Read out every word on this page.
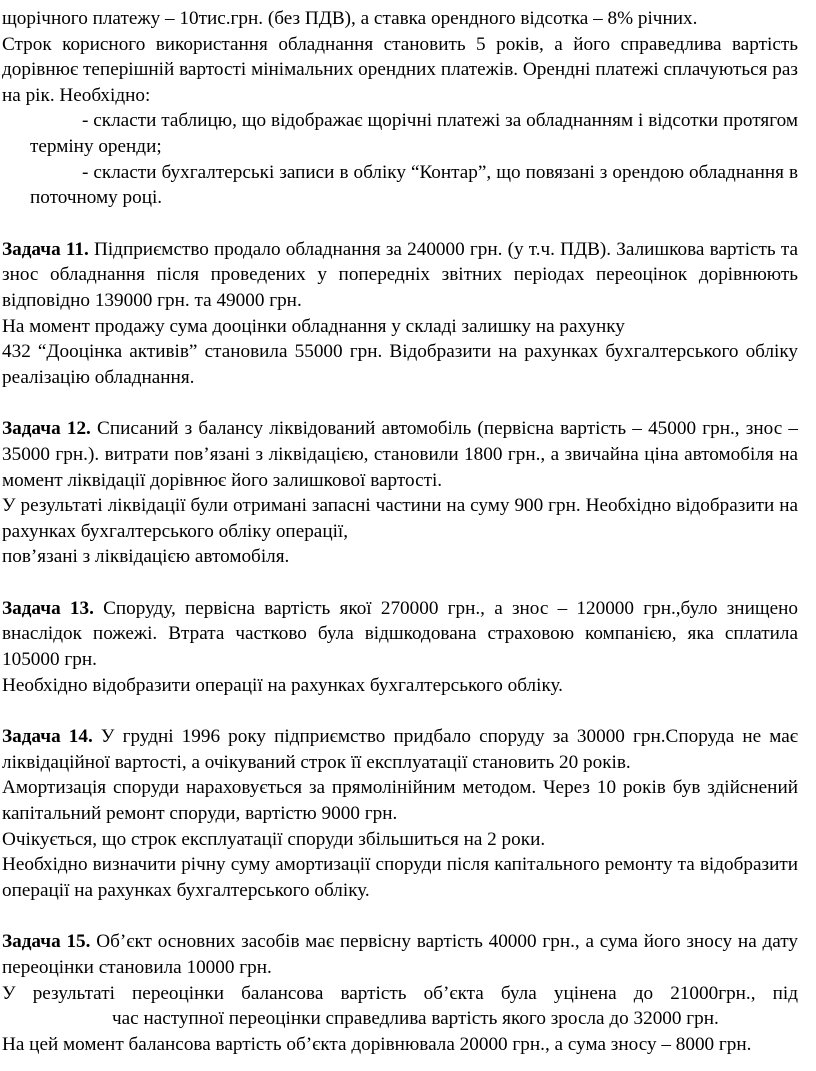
щорічного платежу – 10тис.грн. (без ПДВ), а ставка орендного відсотка – 8% річних.

Строк корисного використання обладнання становить 5 років, а його справедлива вартість дорівнює теперішній вартості мінімальних орендних платежів. Орендні платежі сплачуються раз на рік. Необхідно:

- скласти таблицю, що відображає щорічні платежі за обладнанням і відсотки протягом терміну оренди;

- скласти бухгалтерські записи в обліку “Контар”, що повязані з орендою обладнання в поточному році.

Задача 11. Підприємство продало обладнання за 240000 грн. (у т.ч. ПДВ). Залишкова вартість та знос обладнання після проведених у попередніх звітних періодах переоцінок дорівнюють відповідно 139000 грн. та 49000 грн.

На момент продажу сума дооцінки обладнання у складі залишку на рахунку

432 “Дооцінка активів” становила 55000 грн. Відобразити на рахунках бухгалтерського обліку реалізацію обладнання.

Задача 12. Списаний з балансу ліквідований автомобіль (первісна вартість – 45000 грн., знос – 35000 грн.). витрати пов’язані з ліквідацією, становили 1800 грн., а звичайна ціна автомобіля на момент ліквідації дорівнює його залишкової вартості.

У результаті ліквідації були отримані запасні частини на суму 900 грн. Необхідно відобразити на рахунках бухгалтерського обліку операції,

пов’язані з ліквідацією автомобіля.

Задача 13. Споруду, первісна вартість якої 270000 грн., а знос – 120000 грн.,було знищено внаслідок пожежі. Втрата частково була відшкодована страховою компанією, яка сплатила 105000 грн.

Необхідно відобразити операції на рахунках бухгалтерського обліку.

Задача 14. У грудні 1996 року підприємство придбало споруду за 30000 грн.Споруда не має ліквідаційної вартості, а очікуваний строк її експлуатації становить 20 років.

Амортизація споруди нараховується за прямолінійним методом. Через 10 років був здійснений капітальний ремонт споруди, вартістю 9000 грн.

Очікується, що строк експлуатації споруди збільшиться на 2 роки.

Необхідно визначити річну суму амортизації споруди після капітального ремонту та відобразити операції на рахунках бухгалтерського обліку.

Задача 15. Об’єкт основних засобів має первісну вартість 40000 грн., а сума його зносу на дату переоцінки становила 10000 грн.

У результаті переоцінки балансова вартість об’єкта була уцінена до 21000грн., під

час наступної переоцінки справедлива вартість якого зросла до 32000 грн.

На цей момент балансова вартість об’єкта дорівнювала 20000 грн., а сума зносу – 8000 грн.
